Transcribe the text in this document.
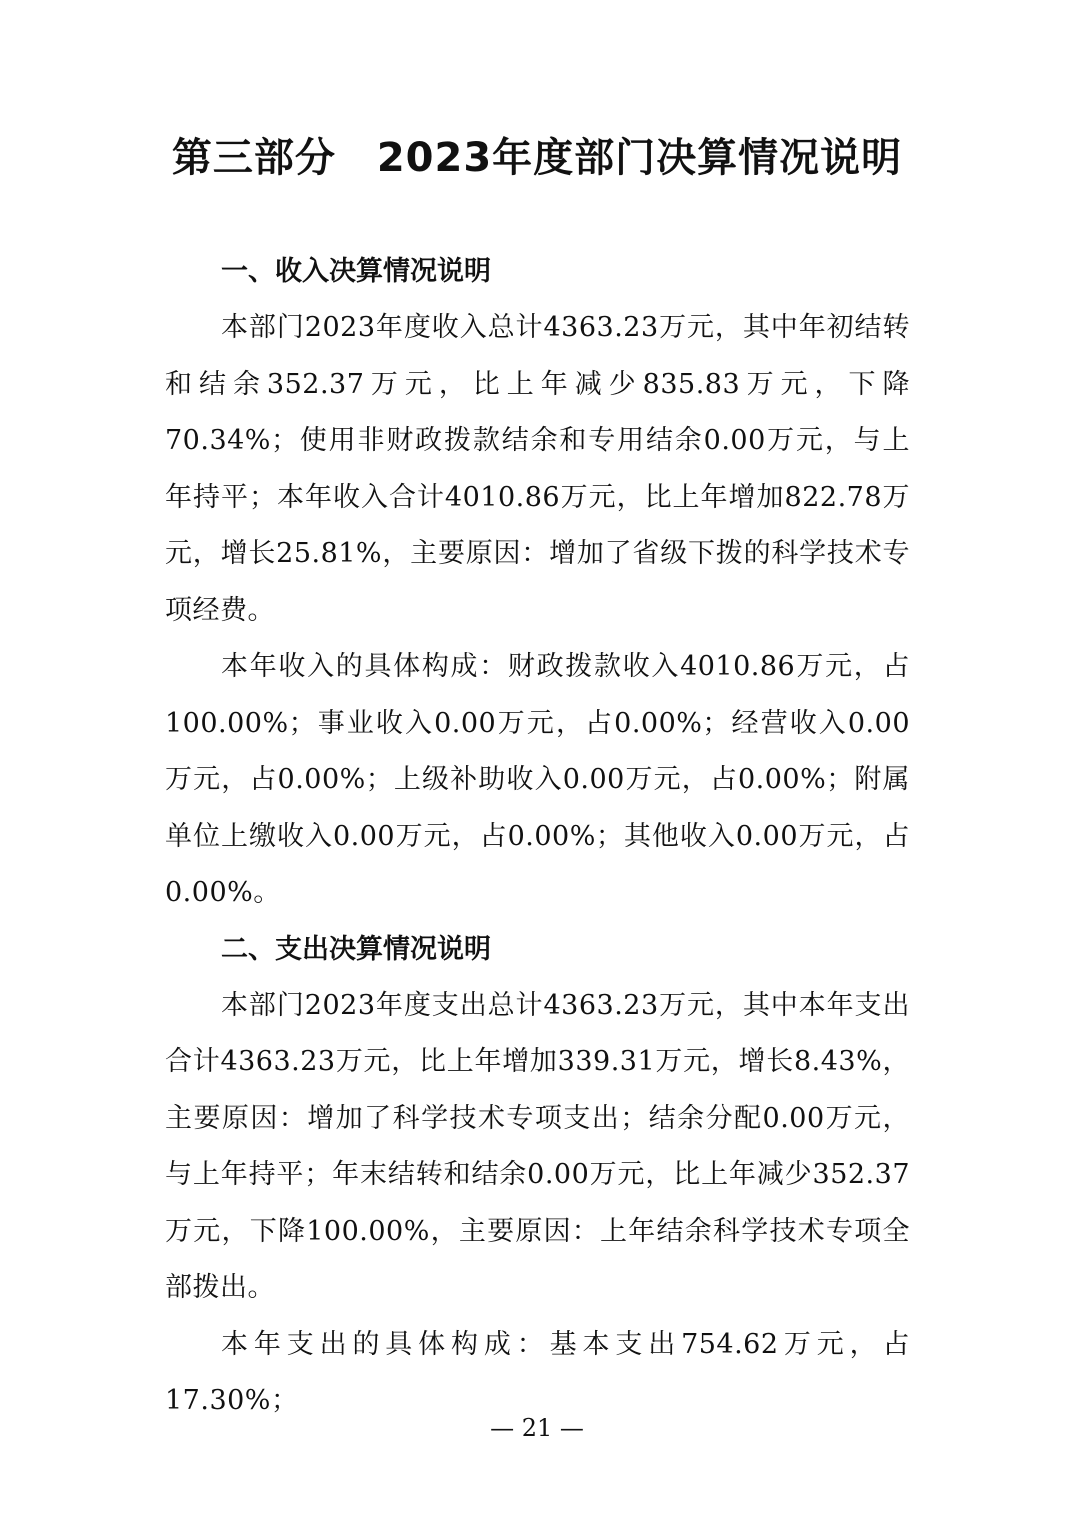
第三部分　2023年度部门决算情况说明

一、收入决算情况说明

本部门2023年度收入总计4363.23万元，其中年初结转和结余352.37万元，比上年减少835.83万元，下降70.34%；使用非财政拨款结余和专用结余0.00万元，与上年持平；本年收入合计4010.86万元，比上年增加822.78万元，增长25.81%，主要原因：增加了省级下拨的科学技术专项经费。

本年收入的具体构成：财政拨款收入4010.86万元，占100.00%；事业收入0.00万元，占0.00%；经营收入0.00万元，占0.00%；上级补助收入0.00万元，占0.00%；附属单位上缴收入0.00万元，占0.00%；其他收入0.00万元，占0.00%。

二、支出决算情况说明

本部门2023年度支出总计4363.23万元，其中本年支出合计4363.23万元，比上年增加339.31万元，增长8.43%，主要原因：增加了科学技术专项支出；结余分配0.00万元，与上年持平；年末结转和结余0.00万元，比上年减少352.37万元，下降100.00%，主要原因：上年结余科学技术专项全部拨出。

本年支出的具体构成：基本支出754.62万元，占17.30%；

— 21 —
